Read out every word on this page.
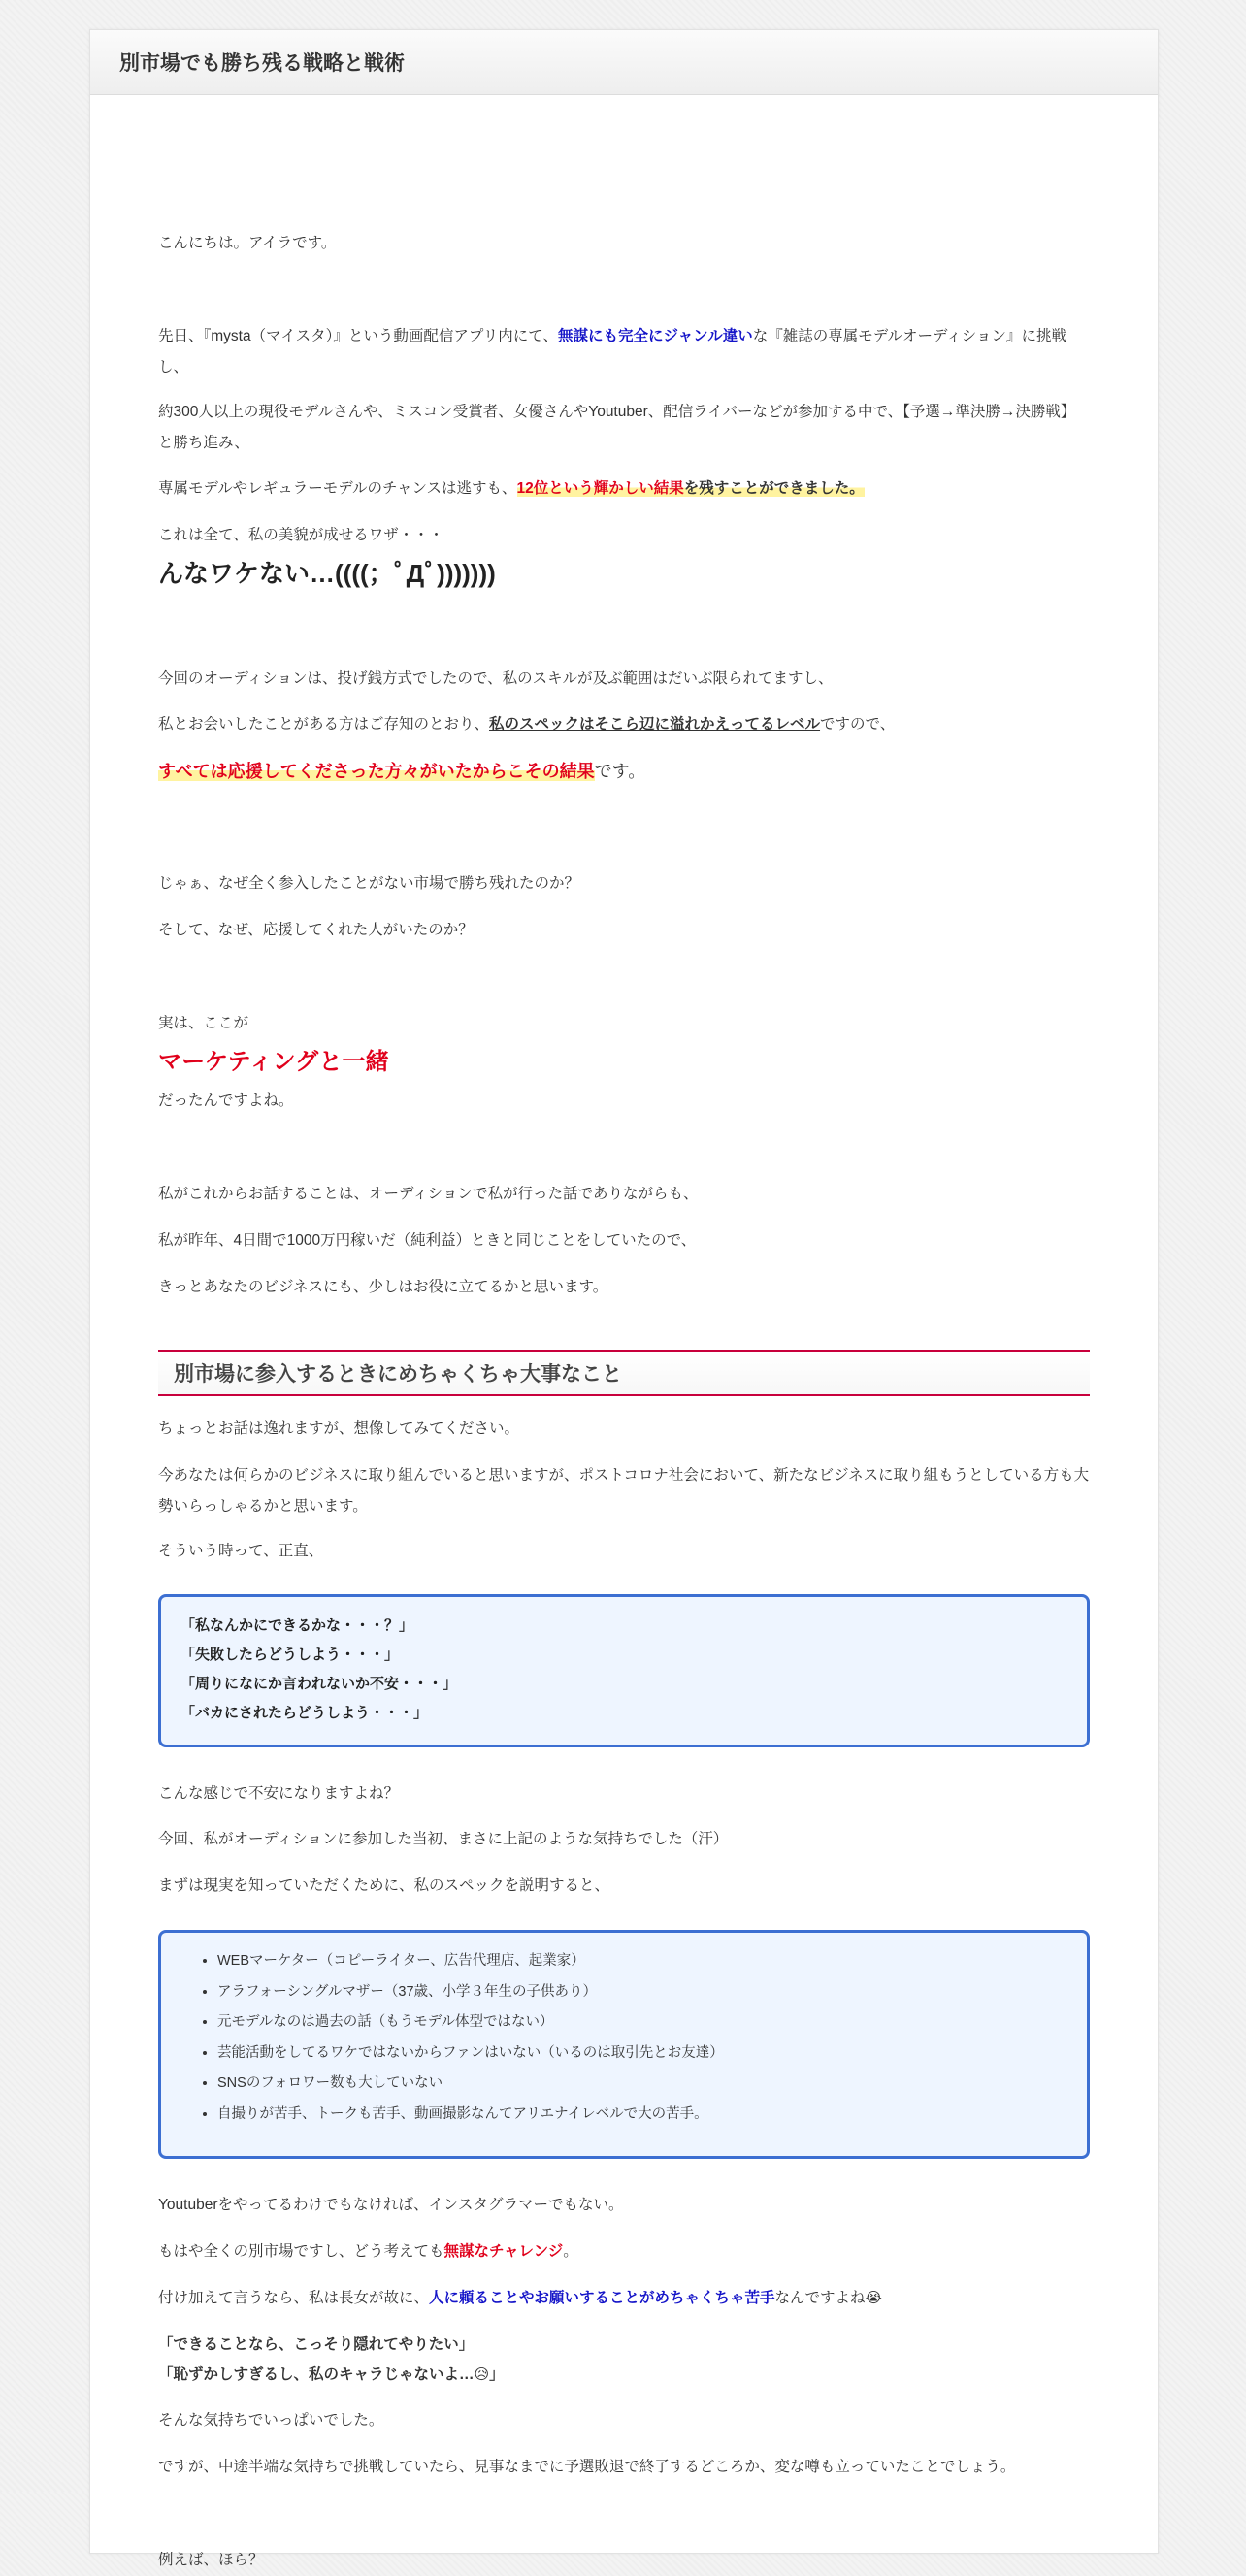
別市場でも勝ち残る戦略と戦術

こんにちは。アイラです。

先日、『mysta（マイスタ）』という動画配信アプリ内にて、無謀にも完全にジャンル違いな『雑誌の専属モデルオーディション』に挑戦し、

約300人以上の現役モデルさんや、ミスコン受賞者、女優さんやYoutuber、配信ライバーなどが参加する中で、【予選→準決勝→決勝戦】と勝ち進み、

専属モデルやレギュラーモデルのチャンスは逃すも、12位という輝かしい結果を残すことができました。

これは全て、私の美貌が成せるワザ・・・

んなワケない…((((；ﾟДﾟ)))))))

今回のオーディションは、投げ銭方式でしたので、私のスキルが及ぶ範囲はだいぶ限られてますし、

私とお会いしたことがある方はご存知のとおり、私のスペックはそこら辺に溢れかえってるレベルですので、

すべては応援してくださった方々がいたからこその結果です。

じゃぁ、なぜ全く参入したことがない市場で勝ち残れたのか？

そして、なぜ、応援してくれた人がいたのか？

実は、ここが

マーケティングと一緒

だったんですよね。

私がこれからお話することは、オーディションで私が行った話でありながらも、

私が昨年、4日間で1000万円稼いだ（純利益）ときと同じことをしていたので、

きっとあなたのビジネスにも、少しはお役に立てるかと思います。

別市場に参入するときにめちゃくちゃ大事なこと

ちょっとお話は逸れますが、想像してみてください。

今あなたは何らかのビジネスに取り組んでいると思いますが、ポストコロナ社会において、新たなビジネスに取り組もうとしている方も大勢いらっしゃるかと思います。

そういう時って、正直、

「私なんかにできるかな・・・？」
「失敗したらどうしよう・・・」
「周りになにか言われないか不安・・・」
「バカにされたらどうしよう・・・」

こんな感じで不安になりますよね？

今回、私がオーディションに参加した当初、まさに上記のような気持ちでした（汗）

まずは現実を知っていただくために、私のスペックを説明すると、

• WEBマーケター（コピーライター、広告代理店、起業家）
• アラフォーシングルマザー（37歳、小学３年生の子供あり）
• 元モデルなのは過去の話（もうモデル体型ではない）
• 芸能活動をしてるワケではないからファンはいない（いるのは取引先とお友達）
• SNSのフォロワー数も大していない
• 自撮りが苦手、トークも苦手、動画撮影なんてアリエナイレベルで大の苦手。

Youtuberをやってるわけでもなければ、インスタグラマーでもない。

もはや全くの別市場ですし、どう考えても無謀なチャレンジ。

付け加えて言うなら、私は長女が故に、人に頼ることやお願いすることがめちゃくちゃ苦手なんですよね😭

「できることなら、こっそり隠れてやりたい」

「恥ずかしすぎるし、私のキャラじゃないよ…😥」

そんな気持ちでいっぱいでした。

ですが、中途半端な気持ちで挑戦していたら、見事なまでに予選敗退で終了するどころか、変な噂も立っていたことでしょう。

例えば、ほら？
